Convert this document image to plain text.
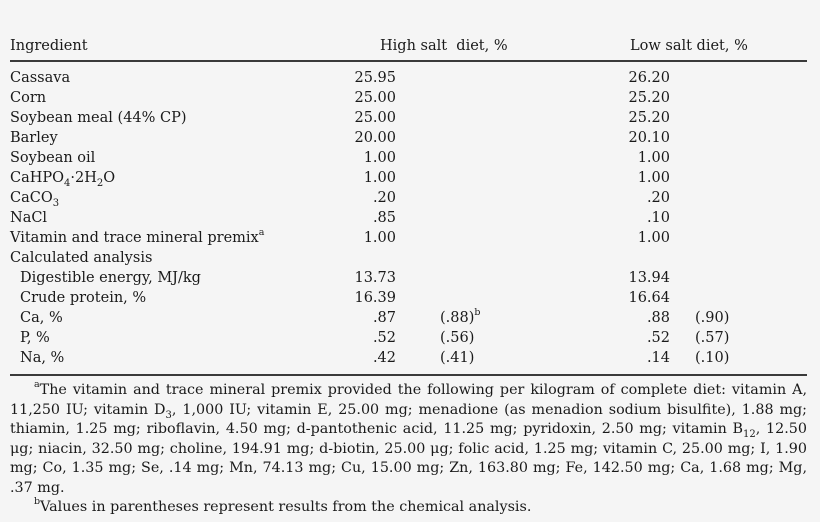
Ingredient	High salt  diet, %	Low salt diet, %
Cassava	25.95	26.20
Corn	25.00	25.20
Soybean meal (44% CP)	25.00	25.20
Barley	20.00	20.10
Soybean oil	1.00	1.00
$CaHPO_4\cdot 2H_2O$	1.00	1.00
CaCO$_3$	.20	.20
NaCl	.85	.10
Vitamin and trace mineral premix$^a$	1.00	1.00
Calculated analysis
Digestible energy, MJ/kg	13.73	13.94
Crude protein, %	16.39	16.64
Ca, %	.87	$(.88)^b$	.88 (.90)
P, %	.52	(.56)	.52 (.57)
Na, %	.42	(.41)	.14 (.10)

$^a$The vitamin and trace mineral premix provided the following per kilogram of complete diet: vitamin A, 11,250 IU; vitamin $D_3$, 1,000 IU; vitamin E, 25.00 mg; menadione (as menadion sodium bisulfite), 1.88 mg; thiamin, 1.25 mg; riboflavin, 4.50 mg; d-pantothenic acid, 11.25 mg; pyridoxin, 2.50 mg; vitamin $B_{12}$, 12.50 μg; niacin, 32.50 mg; choline, 194.91 mg; d-biotin, 25.00 μg; folic acid, 1.25 mg; vitamin C, 25.00 mg; I, 1.90 mg; Co, 1.35 mg; Se, .14 mg; Mn, 74.13 mg; Cu, 15.00 mg; Zn, 163.80 mg; Fe, 142.50 mg; Ca, 1.68 mg; Mg, .37 mg.

$^b$Values in parentheses represent results from the chemical analysis.
